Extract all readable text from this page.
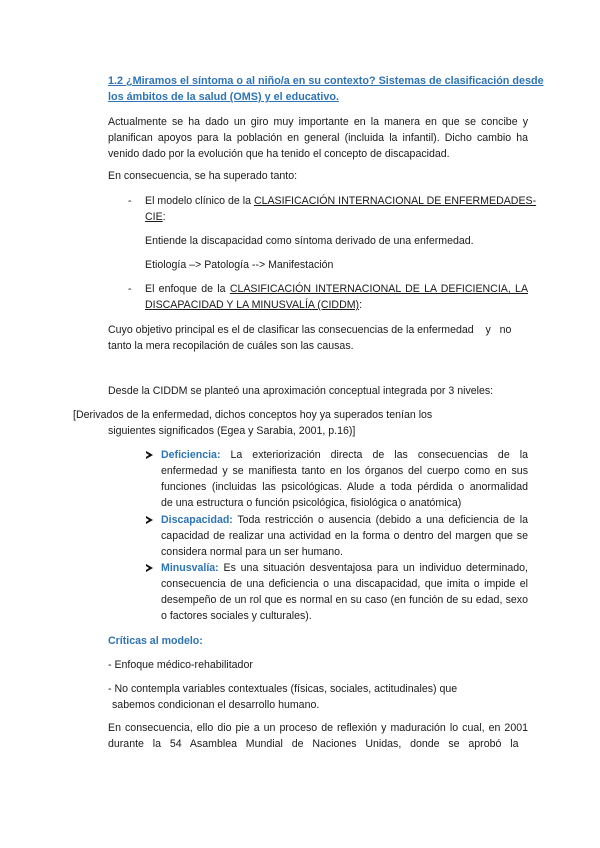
1.2 ¿Miramos el síntoma o al niño/a en su contexto? Sistemas de clasificación desde
los ámbitos de la salud (OMS) y el educativo.
Actualmente se ha dado un giro muy importante en la manera en que se concibe y
planifican apoyos para la población en general (incluida la infantil). Dicho cambio ha
venido dado por la evolución que ha tenido el concepto de discapacidad.
En consecuencia, se ha superado tanto:
- El modelo clínico de la CLASIFICACIÓN INTERNACIONAL DE ENFERMEDADES-
CIE:
Entiende la discapacidad como síntoma derivado de una enfermedad.
Etiología –> Patología --> Manifestación
- El enfoque de la CLASIFICACIÓN INTERNACIONAL DE LA DEFICIENCIA, LA
DISCAPACIDAD Y LA MINUSVALÍA (CIDDM):
Cuyo objetivo principal es el de clasificar las consecuencias de la enfermedad    y   no
tanto la mera recopilación de cuáles son las causas.
Desde la CIDDM se planteó una aproximación conceptual integrada por 3 niveles:
[Derivados de la enfermedad, dichos conceptos hoy ya superados tenían los
siguientes significados (Egea y Sarabia, 2001, p.16)]
Deficiencia: La exteriorización directa de las consecuencias de la
enfermedad y se manifiesta tanto en los órganos del cuerpo como en sus
funciones (incluidas las psicológicas. Alude a toda pérdida o anormalidad
de una estructura o función psicológica, fisiológica o anatómica)
Discapacidad: Toda restricción o ausencia (debido a una deficiencia de la
capacidad de realizar una actividad en la forma o dentro del margen que se
considera normal para un ser humano.
Minusvalía: Es una situación desventajosa para un individuo determinado,
consecuencia de una deficiencia o una discapacidad, que imita o impide el
desempeño de un rol que es normal en su caso (en función de su edad, sexo
o factores sociales y culturales).
Críticas al modelo:
- Enfoque médico-rehabilitador
- No contempla variables contextuales (físicas, sociales, actitudinales) que
sabemos condicionan el desarrollo humano.
En consecuencia, ello dio pie a un proceso de reflexión y maduración lo cual, en 2001
durante   la   54   Asamblea   Mundial   de   Naciones   Unidas,   donde   se   aprobó   la
